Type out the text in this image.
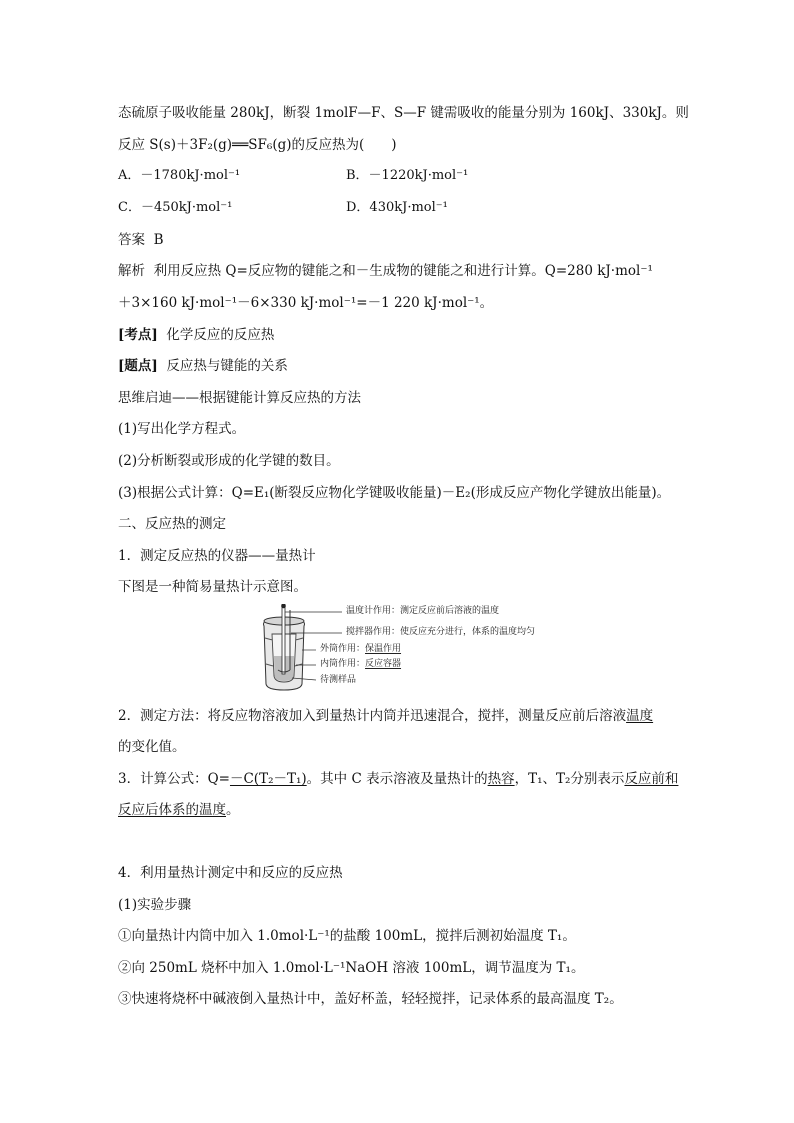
态硫原子吸收能量 280kJ，断裂 1molF—F、S—F 键需吸收的能量分别为 160kJ、330kJ。则
反应 S(s)＋3F₂(g)══SF₆(g)的反应热为(　　)
A．－1780kJ·mol⁻¹	B．－1220kJ·mol⁻¹
C．－450kJ·mol⁻¹	D．430kJ·mol⁻¹
答案 B
解析 利用反应热 Q=反应物的键能之和－生成物的键能之和进行计算。Q=280 kJ·mol⁻¹
＋3×160 kJ·mol⁻¹－6×330 kJ·mol⁻¹=－1 220 kJ·mol⁻¹。
[考点] 化学反应的反应热
[题点] 反应热与键能的关系
思维启迪——根据键能计算反应热的方法
(1)写出化学方程式。
(2)分析断裂或形成的化学键的数目。
(3)根据公式计算：Q=E₁(断裂反应物化学键吸收能量)－E₂(形成反应产物化学键放出能量)。
二、反应热的测定
1．测定反应热的仪器——量热计
下图是一种简易量热计示意图。
温度计作用：测定反应前后溶液的温度
搅拌器作用：使反应充分进行，体系的温度均匀
外筒作用：保温作用
内筒作用：反应容器
待测样品
2．测定方法：将反应物溶液加入到量热计内筒并迅速混合，搅拌，测量反应前后溶液温度
的变化值。
3．计算公式：Q=－C(T₂－T₁)。其中 C 表示溶液及量热计的热容，T₁、T₂分别表示反应前和
反应后体系的温度。
4．利用量热计测定中和反应的反应热
(1)实验步骤
①向量热计内筒中加入 1.0mol·L⁻¹的盐酸 100mL，搅拌后测初始温度 T₁。
②向 250mL 烧杯中加入 1.0mol·L⁻¹NaOH 溶液 100mL，调节温度为 T₁。
③快速将烧杯中碱液倒入量热计中，盖好杯盖，轻轻搅拌，记录体系的最高温度 T₂。
